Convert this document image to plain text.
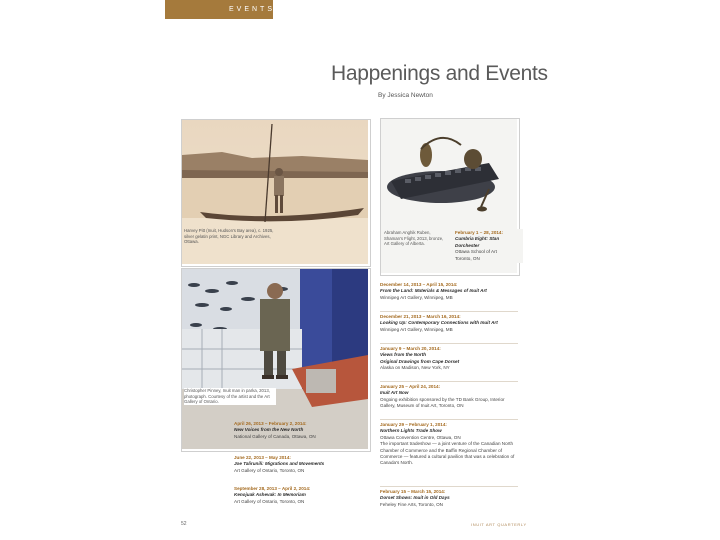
EVENTS
Happenings and Events
By Jessica Newton
Harvey Pitt (Inuit, Hudson's Bay area), c. 1925, silver gelatin print, NGC Library and Archives, Ottawa.
Abraham Anghik Ruben, Shaman's Flight, 2013, bronze, Art Gallery of Alberta.
February 1 – 28, 2014:
Cumbria Eight: Stan
Dorchester
Ottawa School of Art
Toronto, ON
Christopher Pinney, Inuit man in parka, 2013, photograph. Courtesy of the artist and the Art Gallery of Ontario.
April 26, 2013 – February 2, 2014:
New Voices from the New North
National Gallery of Canada, Ottawa, ON
June 22, 2013 – May 2014:
Joe Talirunili: Migrations and Movements
Art Gallery of Ontario, Toronto, ON
September 28, 2013 – April 2, 2014:
Kenojuak Ashevak: In Memoriam
Art Gallery of Ontario, Toronto, ON
December 14, 2013 – April 15, 2014:
From the Land: Materials & Messages of Inuit Art
Winnipeg Art Gallery, Winnipeg, MB
December 21, 2013 – March 16, 2014:
Looking Up: Contemporary Connections with Inuit Art
Winnipeg Art Gallery, Winnipeg, MB
January 9 – March 20, 2014:
Views from the North
Original Drawings from Cape Dorset
Alaska on Madison, New York, NY
January 25 – April 24, 2014:
Inuit Art Now
Ongoing exhibition sponsored by the TD Bank Group, Interior Gallery, Museum of Inuit Art, Toronto, ON
January 29 – February 1, 2014:
Northern Lights Trade Show
Ottawa Convention Centre, Ottawa, ON
The important tradeshow — a joint venture of the Canadian North Chamber of Commerce and the Baffin Regional Chamber of Commerce — featured a cultural pavilion that was a celebration of Canada's North.
February 15 – March 15, 2014:
Dorset Shows: Inuit in Old Days
Feheley Fine Arts, Toronto, ON
52	INUIT ART QUARTERLY
